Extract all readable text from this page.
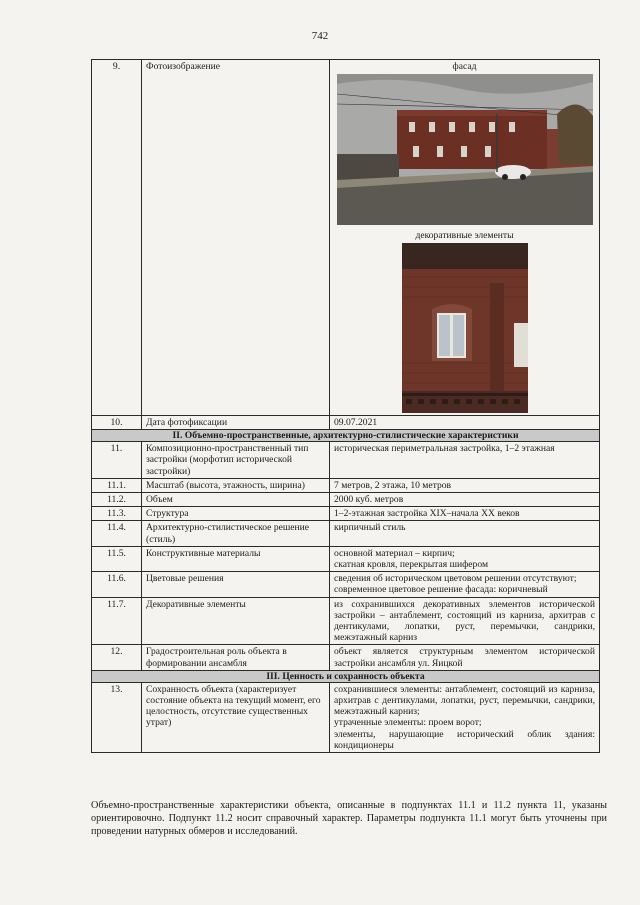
742
9.	Фотоизображение	фасад
декоративные элементы

10.	Дата фотофиксации	09.07.2021
II. Объемно-пространственные, архитектурно-стилистические характеристики		
11.	Композиционно-пространственный тип застройки (морфотип исторической застройки)	историческая периметральная застройка, 1–2 этажная
11.1.	Масштаб (высота, этажность, ширина)	7 метров, 2 этажа, 10 метров
11.2.	Объем	2000 куб. метров
11.3.	Структура	1–2-этажная застройка XIX–начала XX веков
11.4.	Архитектурно-стилистическое решение (стиль)	кирпичный стиль
11.5.	Конструктивные материалы	основной материал – кирпич;
скатная кровля, перекрытая шифером

11.6.	Цветовые решения	сведения об историческом цветовом решении отсутствуют;
современное цветовое решение фасада: коричневый

11.7.	Декоративные элементы	из сохранившихся декоративных элементов исторической застройки – антаблемент, состоящий из карниза, архитрав с дентикулами, лопатки, руст, перемычки, сандрики, межэтажный карниз
12.	Градостроительная роль объекта в формировании ансамбля	объект является структурным элементом исторической застройки ансамбля ул. Яицкой
III. Ценность и сохранность объекта		
13.	Сохранность объекта (характеризует состояние объекта на текущий момент, его целостность, отсутствие существенных утрат)	сохранившиеся элементы: антаблемент, состоящий из карниза, архитрав с дентикулами, лопатки, руст, перемычки, сандрики, межэтажный карниз;
утраченные элементы: проем ворот;
элементы, нарушающие исторический облик здания: кондиционеры

Объемно-пространственные характеристики объекта, описанные в подпунктах 11.1 и 11.2 пункта 11, указаны ориентировочно. Подпункт 11.2 носит справочный характер. Параметры подпункта 11.1 могут быть уточнены при проведении натурных обмеров и исследований.
